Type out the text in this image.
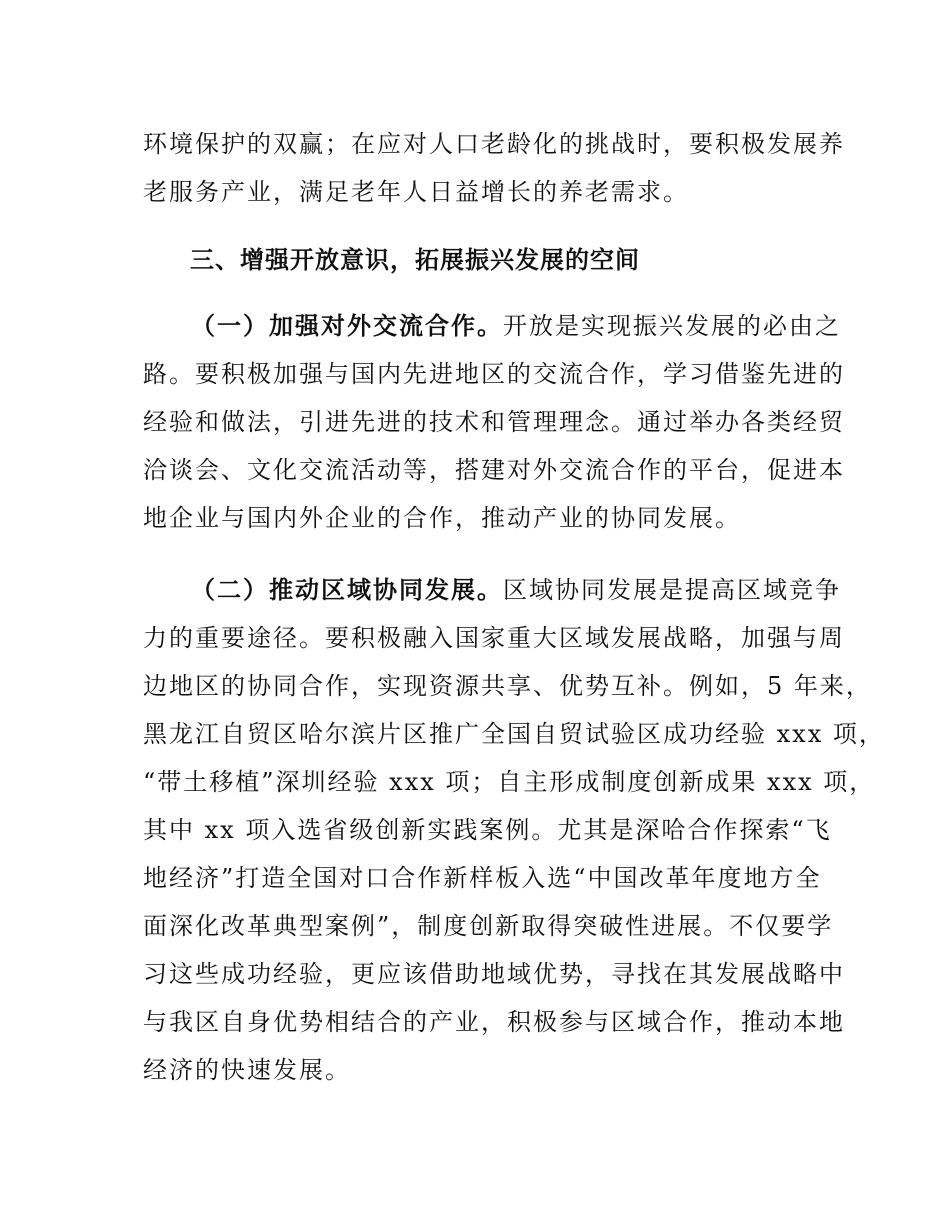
环境保护的双赢；在应对人口老龄化的挑战时，要积极发展养
老服务产业，满足老年人日益增长的养老需求。
三、增强开放意识，拓展振兴发展的空间
（一）加强对外交流合作。开放是实现振兴发展的必由之
路。要积极加强与国内先进地区的交流合作，学习借鉴先进的
经验和做法，引进先进的技术和管理理念。通过举办各类经贸
洽谈会、文化交流活动等，搭建对外交流合作的平台，促进本
地企业与国内外企业的合作，推动产业的协同发展。
（二）推动区域协同发展。区域协同发展是提高区域竞争
力的重要途径。要积极融入国家重大区域发展战略，加强与周
边地区的协同合作，实现资源共享、优势互补。例如，5 年来，
黑龙江自贸区哈尔滨片区推广全国自贸试验区成功经验 xxx 项，
“带土移植”深圳经验 xxx 项；自主形成制度创新成果 xxx 项，
其中 xx 项入选省级创新实践案例。尤其是深哈合作探索“飞
地经济”打造全国对口合作新样板入选“中国改革年度地方全
面深化改革典型案例”，制度创新取得突破性进展。不仅要学
习这些成功经验，更应该借助地域优势，寻找在其发展战略中
与我区自身优势相结合的产业，积极参与区域合作，推动本地
经济的快速发展。
